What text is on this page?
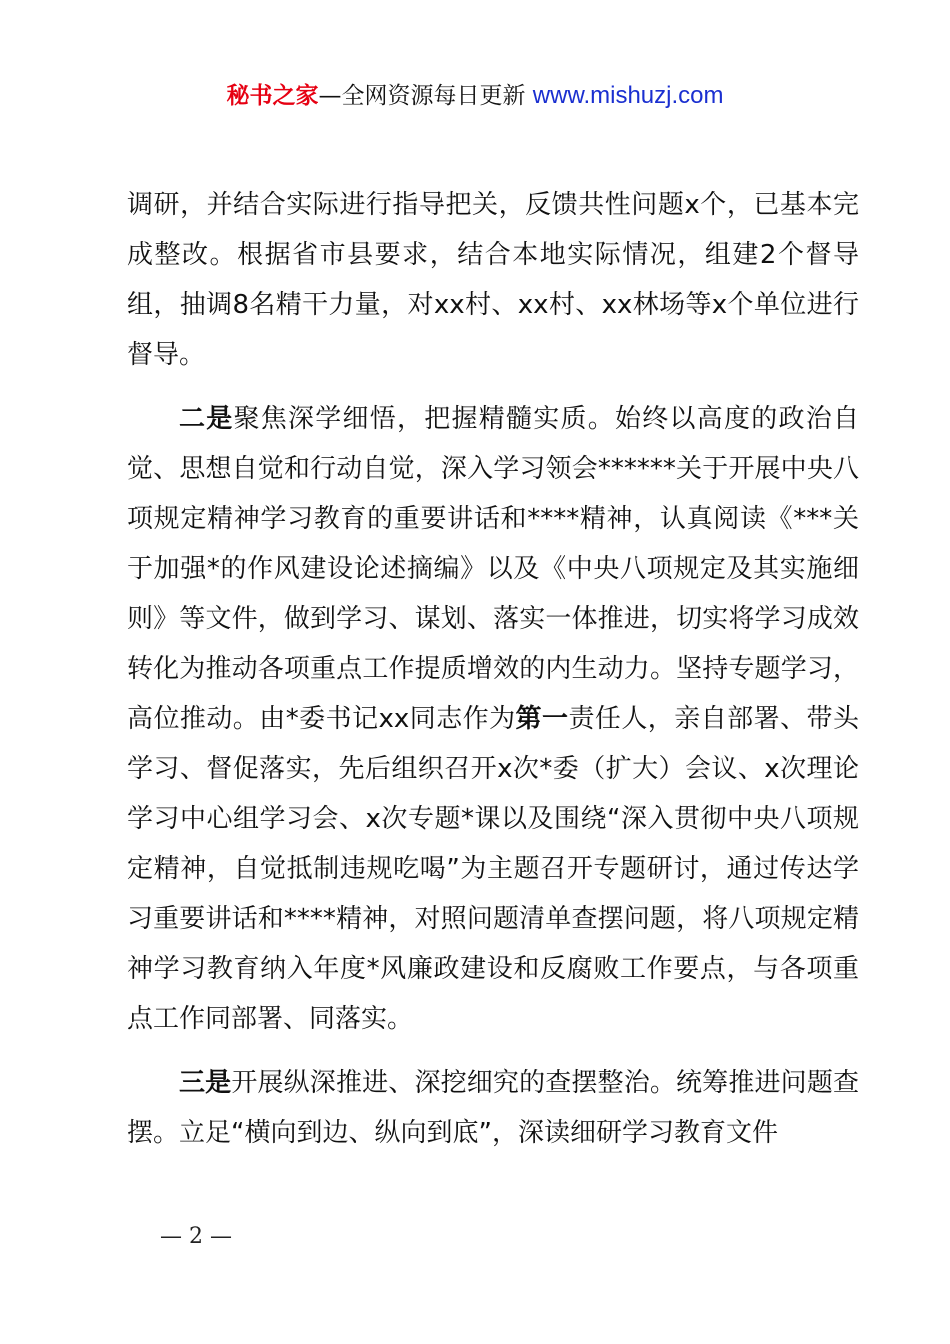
秘书之家—全网资源每日更新 www.mishuzj.com

调研，并结合实际进行指导把关，反馈共性问题x个，已基本完成整改。根据省市县要求，结合本地实际情况，组建2个督导组，抽调8名精干力量，对xx村、xx村、xx林场等x个单位进行督导。

二是聚焦深学细悟，把握精髓实质。始终以高度的政治自觉、思想自觉和行动自觉，深入学习领会******关于开展中央八项规定精神学习教育的重要讲话和****精神，认真阅读《***关于加强*的作风建设论述摘编》以及《中央八项规定及其实施细则》等文件，做到学习、谋划、落实一体推进，切实将学习成效转化为推动各项重点工作提质增效的内生动力。坚持专题学习，高位推动。由*委书记xx同志作为第一责任人，亲自部署、带头学习、督促落实，先后组织召开x次*委（扩大）会议、x次理论学习中心组学习会、x次专题*课以及围绕“深入贯彻中央八项规定精神，自觉抵制违规吃喝”为主题召开专题研讨，通过传达学习重要讲话和****精神，对照问题清单查摆问题，将八项规定精神学习教育纳入年度*风廉政建设和反腐败工作要点，与各项重点工作同部署、同落实。

三是开展纵深推进、深挖细究的查摆整治。统筹推进问题查摆。立足“横向到边、纵向到底”，深读细研学习教育文件

— 2 —
